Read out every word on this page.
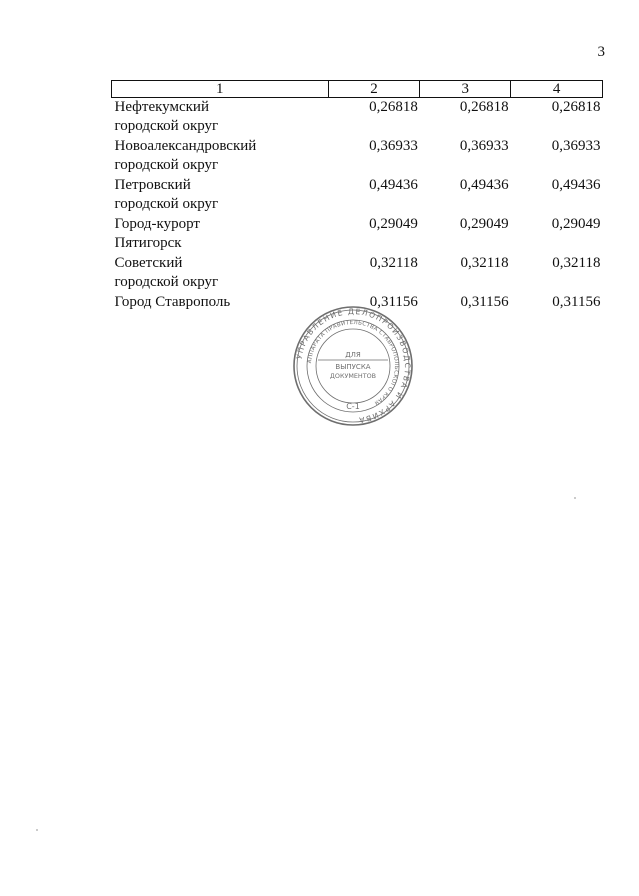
3
1	2	3	4

Нефтекумский
городской округ	0,26818	0,26818	0,26818

Новоалександровский
городской округ	0,36933	0,36933	0,36933

Петровский
городской округ	0,49436	0,49436	0,49436

Город-курорт
Пятигорск	0,29049	0,29049	0,29049

Советский
городской округ	0,32118	0,32118	0,32118

Город Ставрополь	0,31156	0,31156	0,31156
УПРАВЛЕНИЕ ДЕЛОПРОИЗВОДСТВА И АРХИВА
АППАРАТА ПРАВИТЕЛЬСТВА СТАВРОПОЛЬСКОГО КРАЯ
ДЛЯ
ВЫПУСКА
ДОКУМЕНТОВ
С-1
